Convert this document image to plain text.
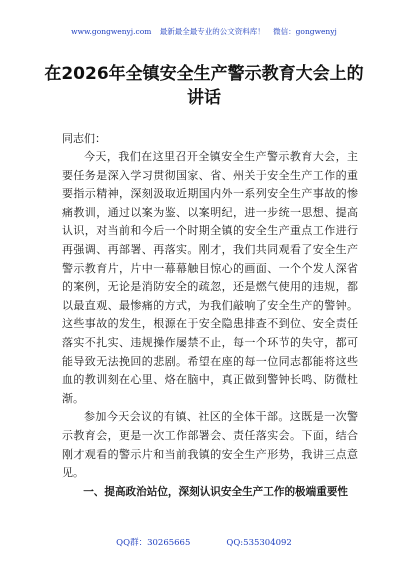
www.gongwenyj.com 最新最全最专业的公文资料库！ 微信：gongwenyj
在2026年全镇安全生产警示教育大会上的讲话
同志们：

今天，我们在这里召开全镇安全生产警示教育大会，主要任务是深入学习贯彻国家、省、州关于安全生产工作的重要指示精神，深刻汲取近期国内外一系列安全生产事故的惨痛教训，通过以案为鉴、以案明纪，进一步统一思想、提高认识，对当前和今后一个时期全镇的安全生产重点工作进行再强调、再部署、再落实。刚才，我们共同观看了安全生产警示教育片，片中一幕幕触目惊心的画面、一个个发人深省的案例，无论是消防安全的疏忽，还是燃气使用的违规，都以最直观、最惨痛的方式，为我们敲响了安全生产的警钟。这些事故的发生，根源在于安全隐患排查不到位、安全责任落实不扎实、违规操作屡禁不止，每一个环节的失守，都可能导致无法挽回的悲剧。希望在座的每一位同志都能将这些血的教训刻在心里、烙在脑中，真正做到警钟长鸣、防微杜渐。

参加今天会议的有镇、社区的全体干部。这既是一次警示教育会，更是一次工作部署会、责任落实会。下面，结合刚才观看的警示片和当前我镇的安全生产形势，我讲三点意见。

一、提高政治站位，深刻认识安全生产工作的极端重要性

QQ群：30265665	QQ:535304092
